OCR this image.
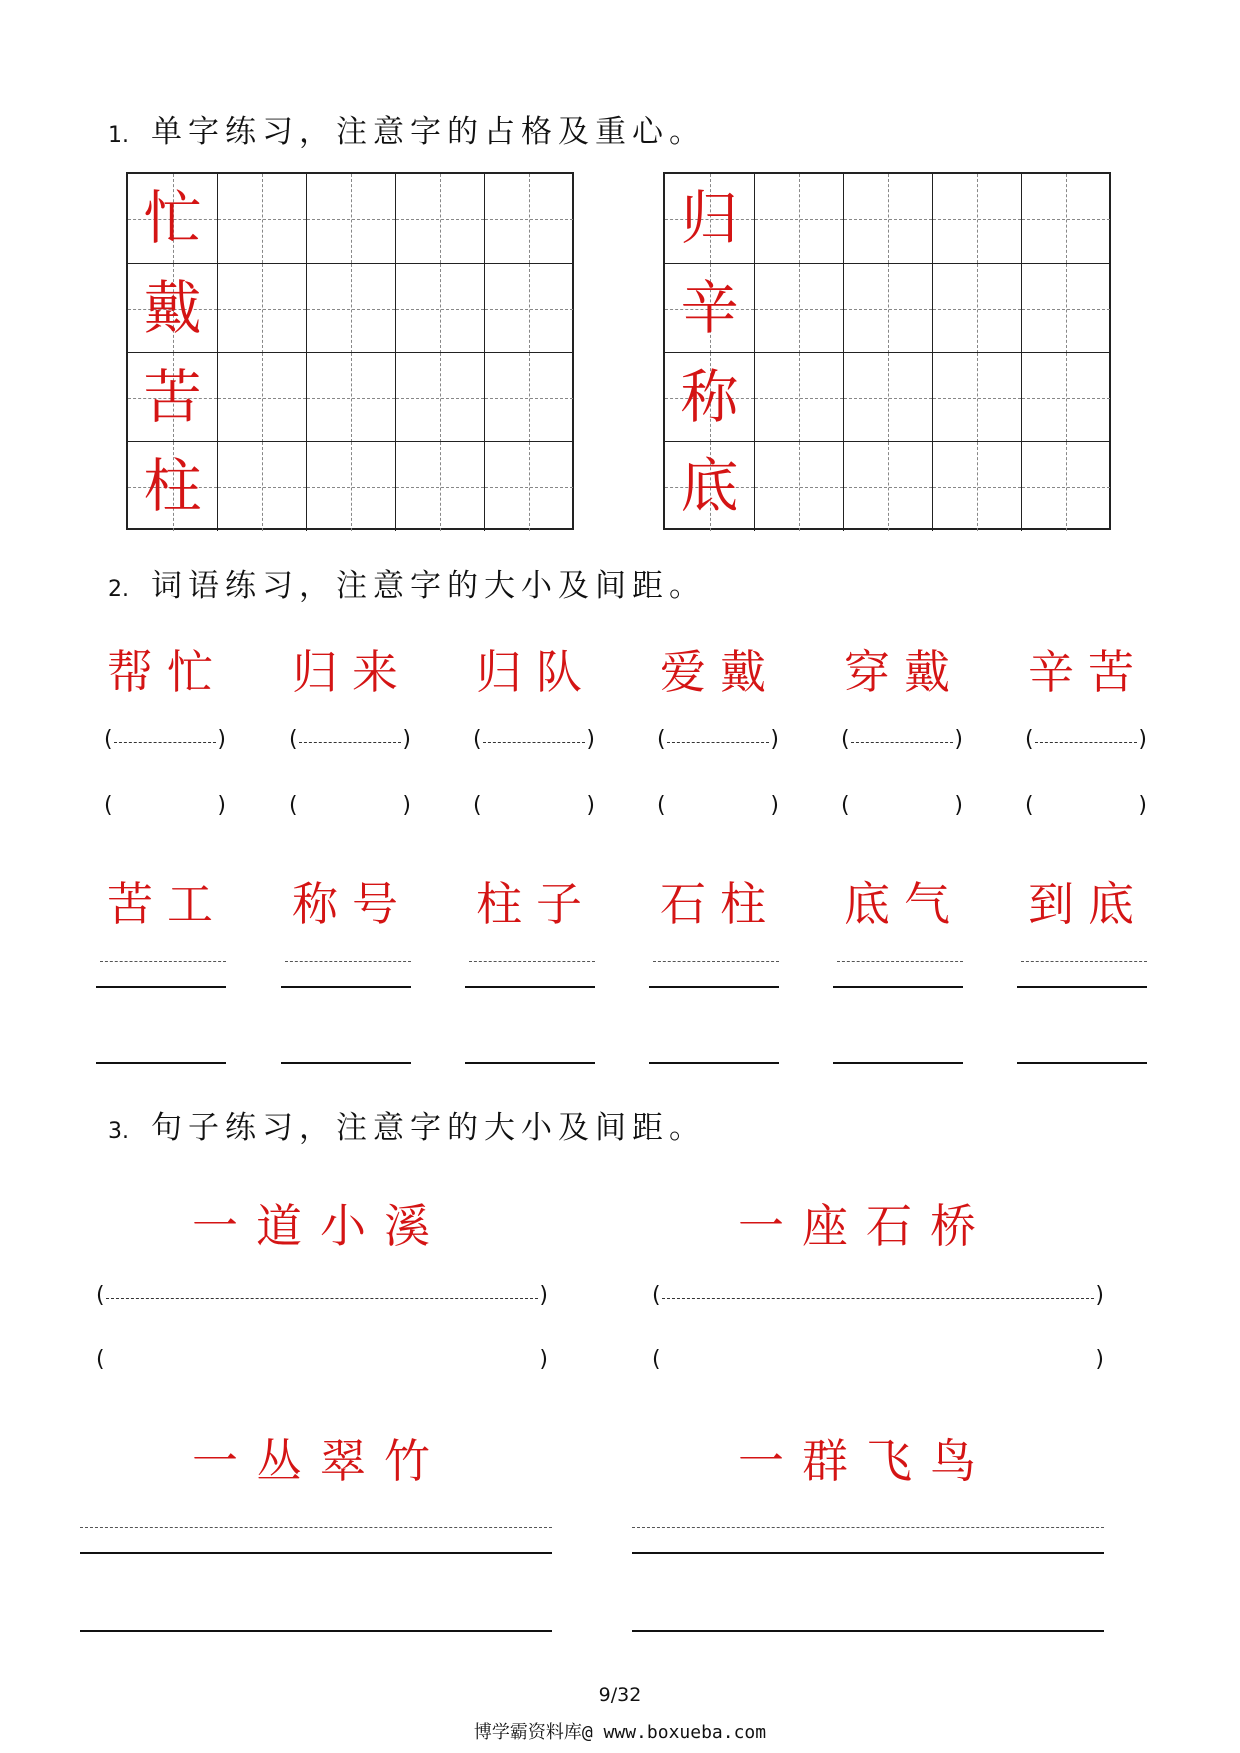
1. 单字练习，注意字的占格及重心。
忙
戴
苦
柱
归
辛
称
底
2. 词语练习，注意字的大小及间距。
帮忙
(	)
(	)
苦工
归来
(	)
(	)
称号
归队
(	)
(	)
柱子
爱戴
(	)
(	)
石柱
穿戴
(	)
(	)
底气
辛苦
(	)
(	)
到底
3. 句子练习，注意字的大小及间距。
一道小溪	一座石桥
(	)
(	)
(	)
(	)
一丛翠竹	一群飞鸟
9/32
博学霸资料库@ www.boxueba.com
